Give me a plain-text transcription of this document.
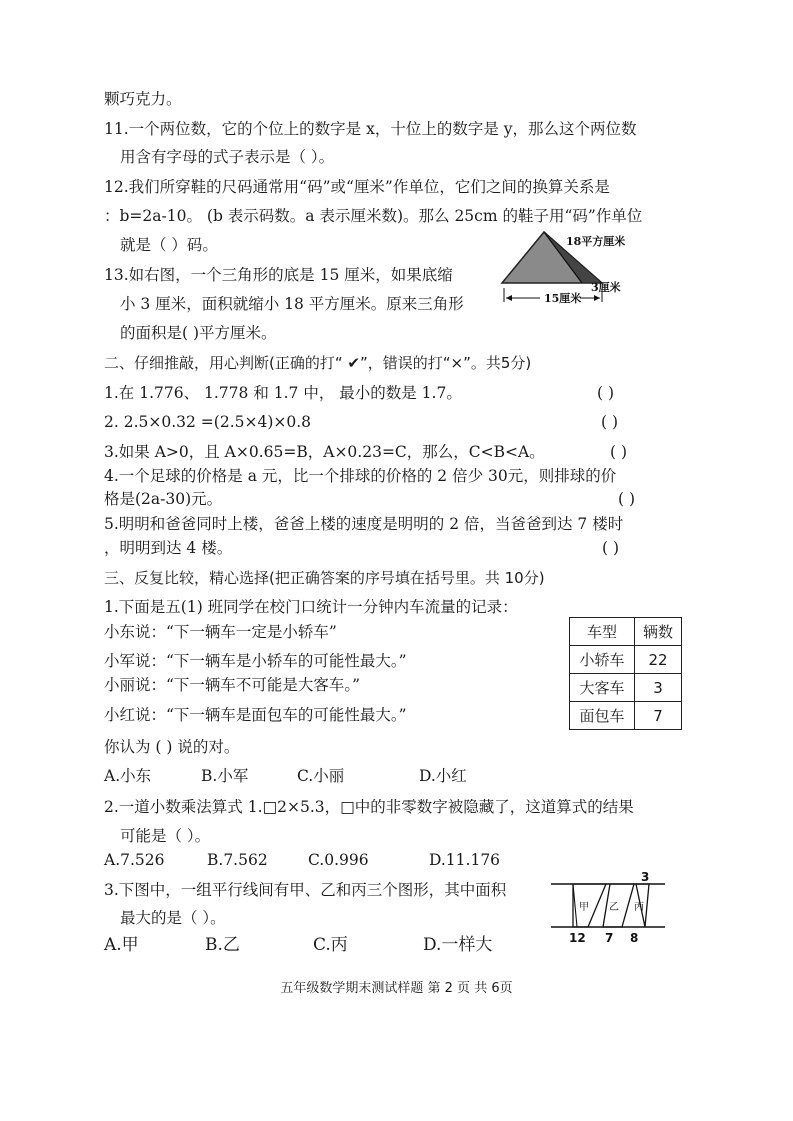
颗巧克力。
11.一个两位数，它的个位上的数字是 x，十位上的数字是 y，那么这个两位数
用含有字母的式子表示是（ ）。
12.我们所穿鞋的尺码通常用“码”或“厘米”作单位，它们之间的换算关系是
：b=2a-10。 (b 表示码数。a 表示厘米数)。那么 25cm 的鞋子用“码”作单位
就是（ ）码。
13.如右图，一个三角形的底是 15 厘米，如果底缩
小 3 厘米，面积就缩小 18 平方厘米。原来三角形
的面积是( )平方厘米。
18平方厘米
3厘米
15厘米
二、仔细推敲，用心判断(正确的打“ ✔”，错误的打“×”。共5分)
1.在 1.776、 1.778 和 1.7 中， 最小的数是 1.7。	( )
2. 2.5×0.32 =(2.5×4)×0.8	( )
3.如果 A>0，且 A×0.65=B，A×0.23=C，那么，C<B<A。	( )
4.一个足球的价格是 a 元，比一个排球的价格的 2 倍少 30元，则排球的价
格是(2a-30)元。	( )
5.明明和爸爸同时上楼，爸爸上楼的速度是明明的 2 倍，当爸爸到达 7 楼时
，明明到达 4 楼。	( )
三、反复比较，精心选择(把正确答案的序号填在括号里。共 10分)
1.下面是五(1) 班同学在校门口统计一分钟内车流量的记录：
小东说：“下一辆车一定是小轿车”
小军说：“下一辆车是小轿车的可能性最大。”
小丽说：“下一辆车不可能是大客车。”
小红说：“下一辆车是面包车的可能性最大。”
你认为 ( ) 说的对。
车型	辆数
小轿车	22
大客车	3
面包车	7
A.小东	B.小军	C.小丽	D.小红
2.一道小数乘法算式 1.□2×5.3，□中的非零数字被隐藏了，这道算式的结果
可能是（ ）。
A.7.526	B.7.562	C.0.996	D.11.176
3.下图中，一组平行线间有甲、乙和丙三个图形，其中面积
最大的是（ ）。
A.甲	B.乙	C.丙	D.一样大
3
甲 乙 丙
12 7 8
五年级数学期末测试样题 第 2 页 共 6页
